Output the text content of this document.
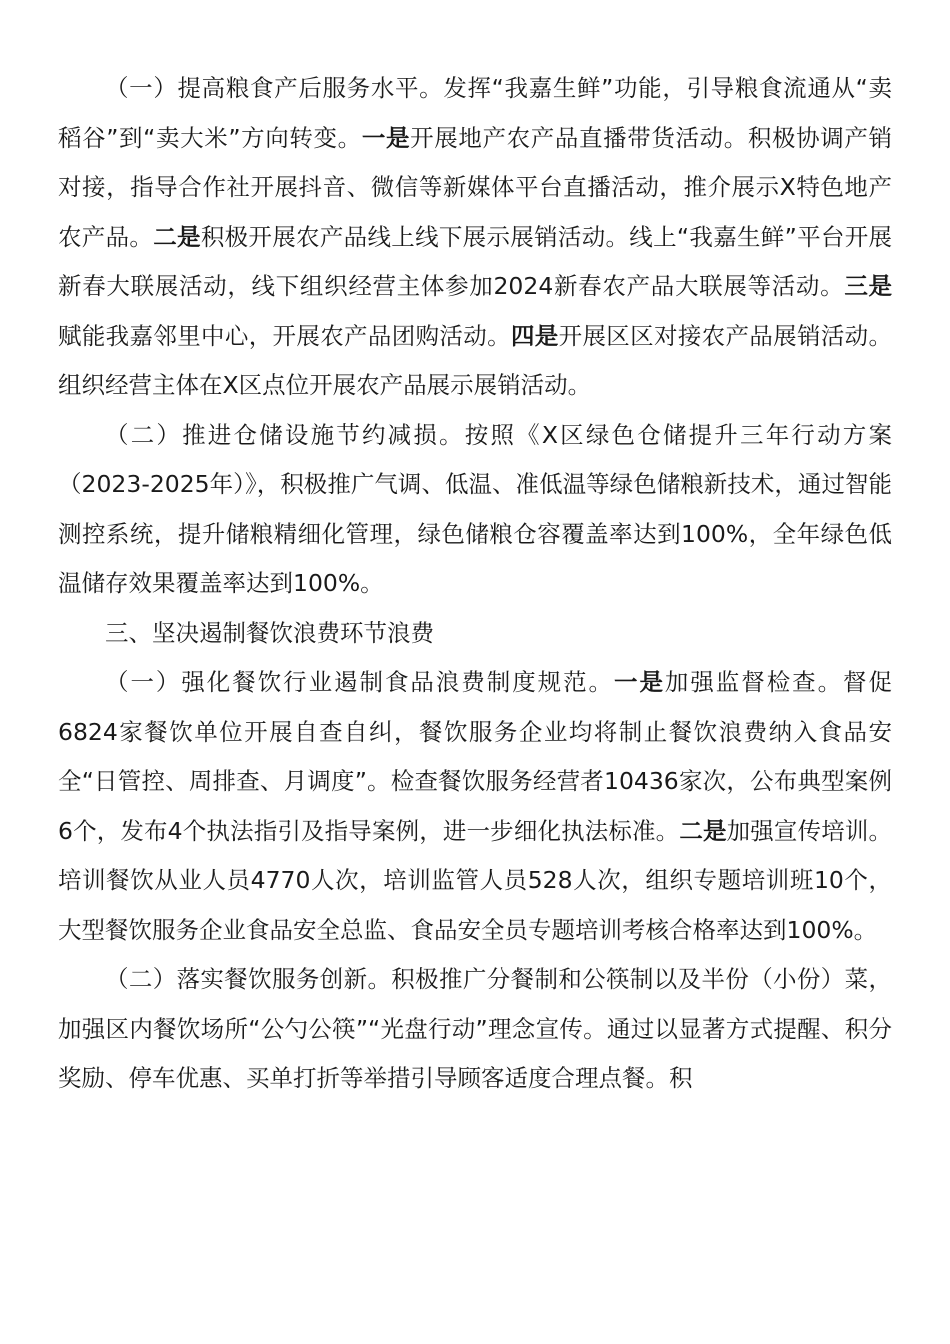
（一）提高粮食产后服务水平。发挥“我嘉生鲜”功能，引导粮食流通从“卖稻谷”到“卖大米”方向转变。一是开展地产农产品直播带货活动。积极协调产销对接，指导合作社开展抖音、微信等新媒体平台直播活动，推介展示X特色地产农产品。二是积极开展农产品线上线下展示展销活动。线上“我嘉生鲜”平台开展新春大联展活动，线下组织经营主体参加2024新春农产品大联展等活动。三是赋能我嘉邻里中心，开展农产品团购活动。四是开展区区对接农产品展销活动。组织经营主体在X区点位开展农产品展示展销活动。

（二）推进仓储设施节约减损。按照《X区绿色仓储提升三年行动方案（2023-2025年）》，积极推广气调、低温、准低温等绿色储粮新技术，通过智能测控系统，提升储粮精细化管理，绿色储粮仓容覆盖率达到100%，全年绿色低温储存效果覆盖率达到100%。

三、坚决遏制餐饮浪费环节浪费

（一）强化餐饮行业遏制食品浪费制度规范。一是加强监督检查。督促6824家餐饮单位开展自查自纠，餐饮服务企业均将制止餐饮浪费纳入食品安全“日管控、周排查、月调度”。检查餐饮服务经营者10436家次，公布典型案例6个，发布4个执法指引及指导案例，进一步细化执法标准。二是加强宣传培训。培训餐饮从业人员4770人次，培训监管人员528人次，组织专题培训班10个，大型餐饮服务企业食品安全总监、食品安全员专题培训考核合格率达到100%。

（二）落实餐饮服务创新。积极推广分餐制和公筷制以及半份（小份）菜，加强区内餐饮场所“公勺公筷”“光盘行动”理念宣传。通过以显著方式提醒、积分奖励、停车优惠、买单打折等举措引导顾客适度合理点餐。积
